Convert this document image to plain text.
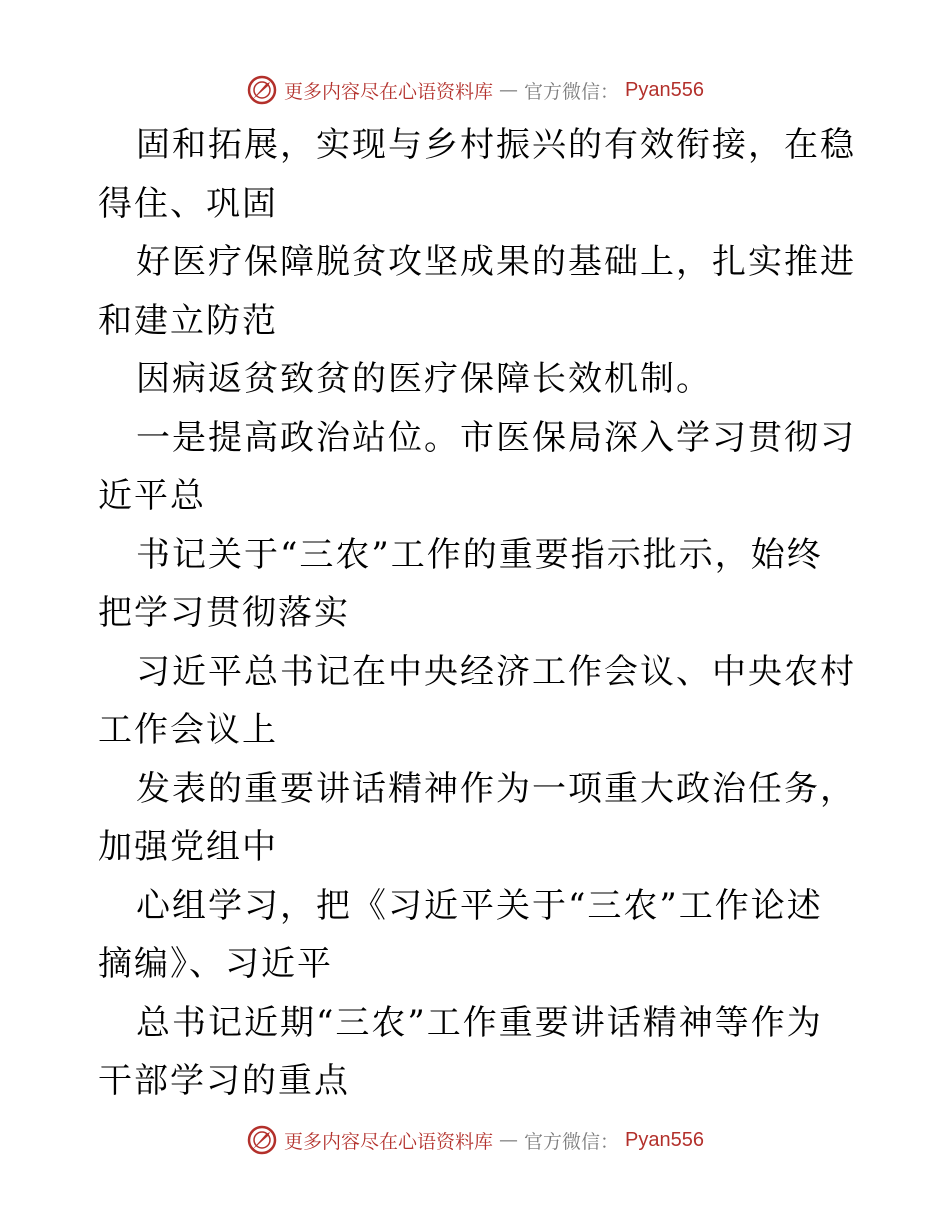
更多内容尽在心语资料库 — 官方微信： Pyan556

固和拓展，实现与乡村振兴的有效衔接，在稳得住、巩固

好医疗保障脱贫攻坚成果的基础上，扎实推进和建立防范

因病返贫致贫的医疗保障长效机制。

一是提高政治站位。市医保局深入学习贯彻习近平总

书记关于“三农”工作的重要指示批示，始终把学习贯彻落实

习近平总书记在中央经济工作会议、中央农村工作会议上

发表的重要讲话精神作为一项重大政治任务，加强党组中

心组学习，把《习近平关于“三农”工作论述摘编》、习近平

总书记近期“三农”工作重要讲话精神等作为干部学习的重点

更多内容尽在心语资料库 — 官方微信： Pyan556
